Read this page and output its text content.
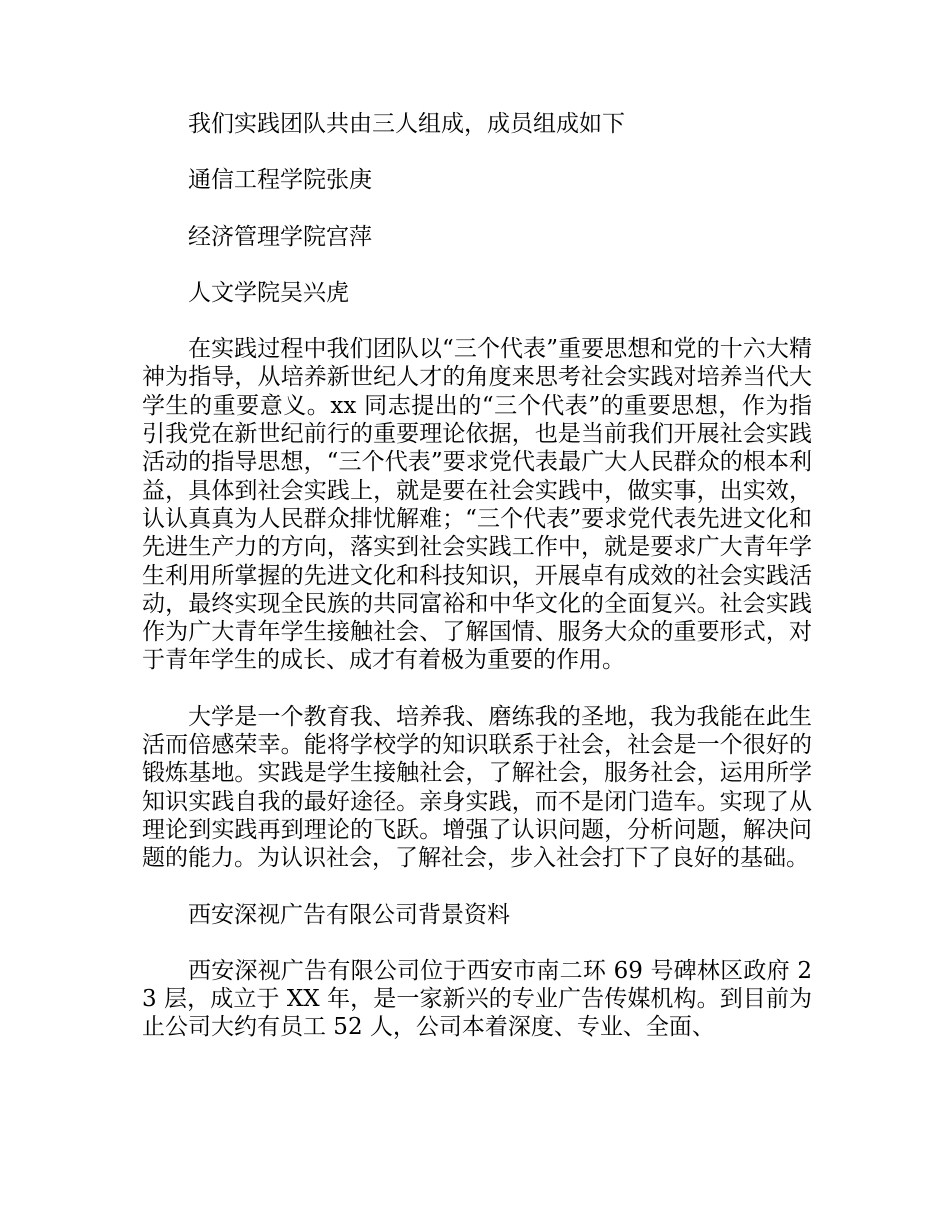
我们实践团队共由三人组成，成员组成如下

通信工程学院张庚

经济管理学院宫萍

人文学院吴兴虎

在实践过程中我们团队以“三个代表”重要思想和党的十六大精神为指导，从培养新世纪人才的角度来思考社会实践对培养当代大学生的重要意义。xx 同志提出的“三个代表”的重要思想，作为指引我党在新世纪前行的重要理论依据，也是当前我们开展社会实践活动的指导思想，“三个代表”要求党代表最广大人民群众的根本利益，具体到社会实践上，就是要在社会实践中，做实事，出实效，认认真真为人民群众排忧解难；“三个代表”要求党代表先进文化和先进生产力的方向，落实到社会实践工作中，就是要求广大青年学生利用所掌握的先进文化和科技知识，开展卓有成效的社会实践活动，最终实现全民族的共同富裕和中华文化的全面复兴。社会实践作为广大青年学生接触社会、了解国情、服务大众的重要形式，对于青年学生的成长、成才有着极为重要的作用。

大学是一个教育我、培养我、磨练我的圣地，我为我能在此生活而倍感荣幸。能将学校学的知识联系于社会，社会是一个很好的锻炼基地。实践是学生接触社会，了解社会，服务社会，运用所学知识实践自我的最好途径。亲身实践，而不是闭门造车。实现了从理论到实践再到理论的飞跃。增强了认识问题，分析问题，解决问题的能力。为认识社会，了解社会，步入社会打下了良好的基础。

西安深视广告有限公司背景资料

西安深视广告有限公司位于西安市南二环 69 号碑林区政府 23 层，成立于 XX 年，是一家新兴的专业广告传媒机构。到目前为止公司大约有员工 52 人，公司本着深度、专业、全面、
